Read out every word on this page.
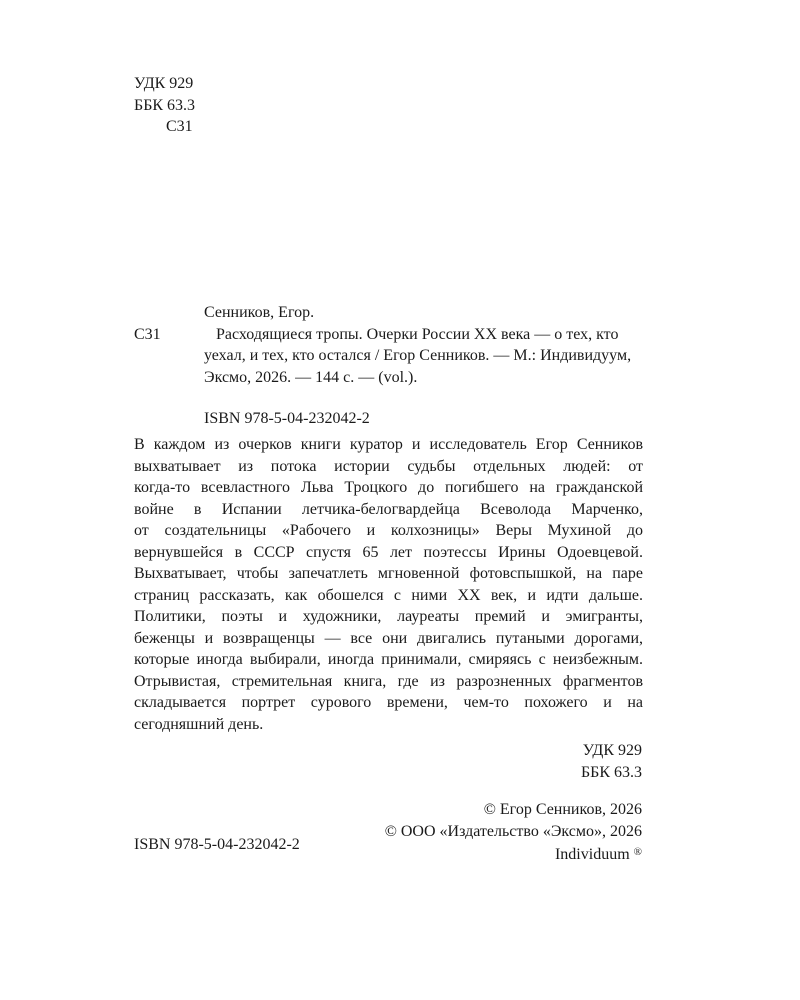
УДК 929
ББК 63.3
С31
Сенников, Егор.
С31	Расходящиеся тропы. Очерки России XX века — о тех, кто
уехал, и тех, кто остался / Егор Сенников. — М.: Индивидуум,
Эксмо, 2026. — 144 с. — (vol.).
ISBN 978-5-04-232042-2
В каждом из очерков книги куратор и исследователь Егор Сенников
выхватывает из потока истории судьбы отдельных людей: от
когда-то всевластного Льва Троцкого до погибшего на гражданской
войне в Испании летчика-белогвардейца Всеволода Марченко,
от создательницы «Рабочего и колхозницы» Веры Мухиной до
вернувшейся в СССР спустя 65 лет поэтессы Ирины Одоевцевой.
Выхватывает, чтобы запечатлеть мгновенной фотовспышкой, на паре
страниц рассказать, как обошелся с ними XX век, и идти дальше.
Политики, поэты и художники, лауреаты премий и эмигранты,
беженцы и возвращенцы — все они двигались путаными дорогами,
которые иногда выбирали, иногда принимали, смиряясь с неизбежным.
Отрывистая, стремительная книга, где из разрозненных фрагментов
складывается портрет сурового времени, чем-то похожего и на
сегодняшний день.
УДК 929
ББК 63.3
© Егор Сенников, 2026
© ООО «Издательство «Эксмо», 2026
Individuum ®
ISBN 978-5-04-232042-2
